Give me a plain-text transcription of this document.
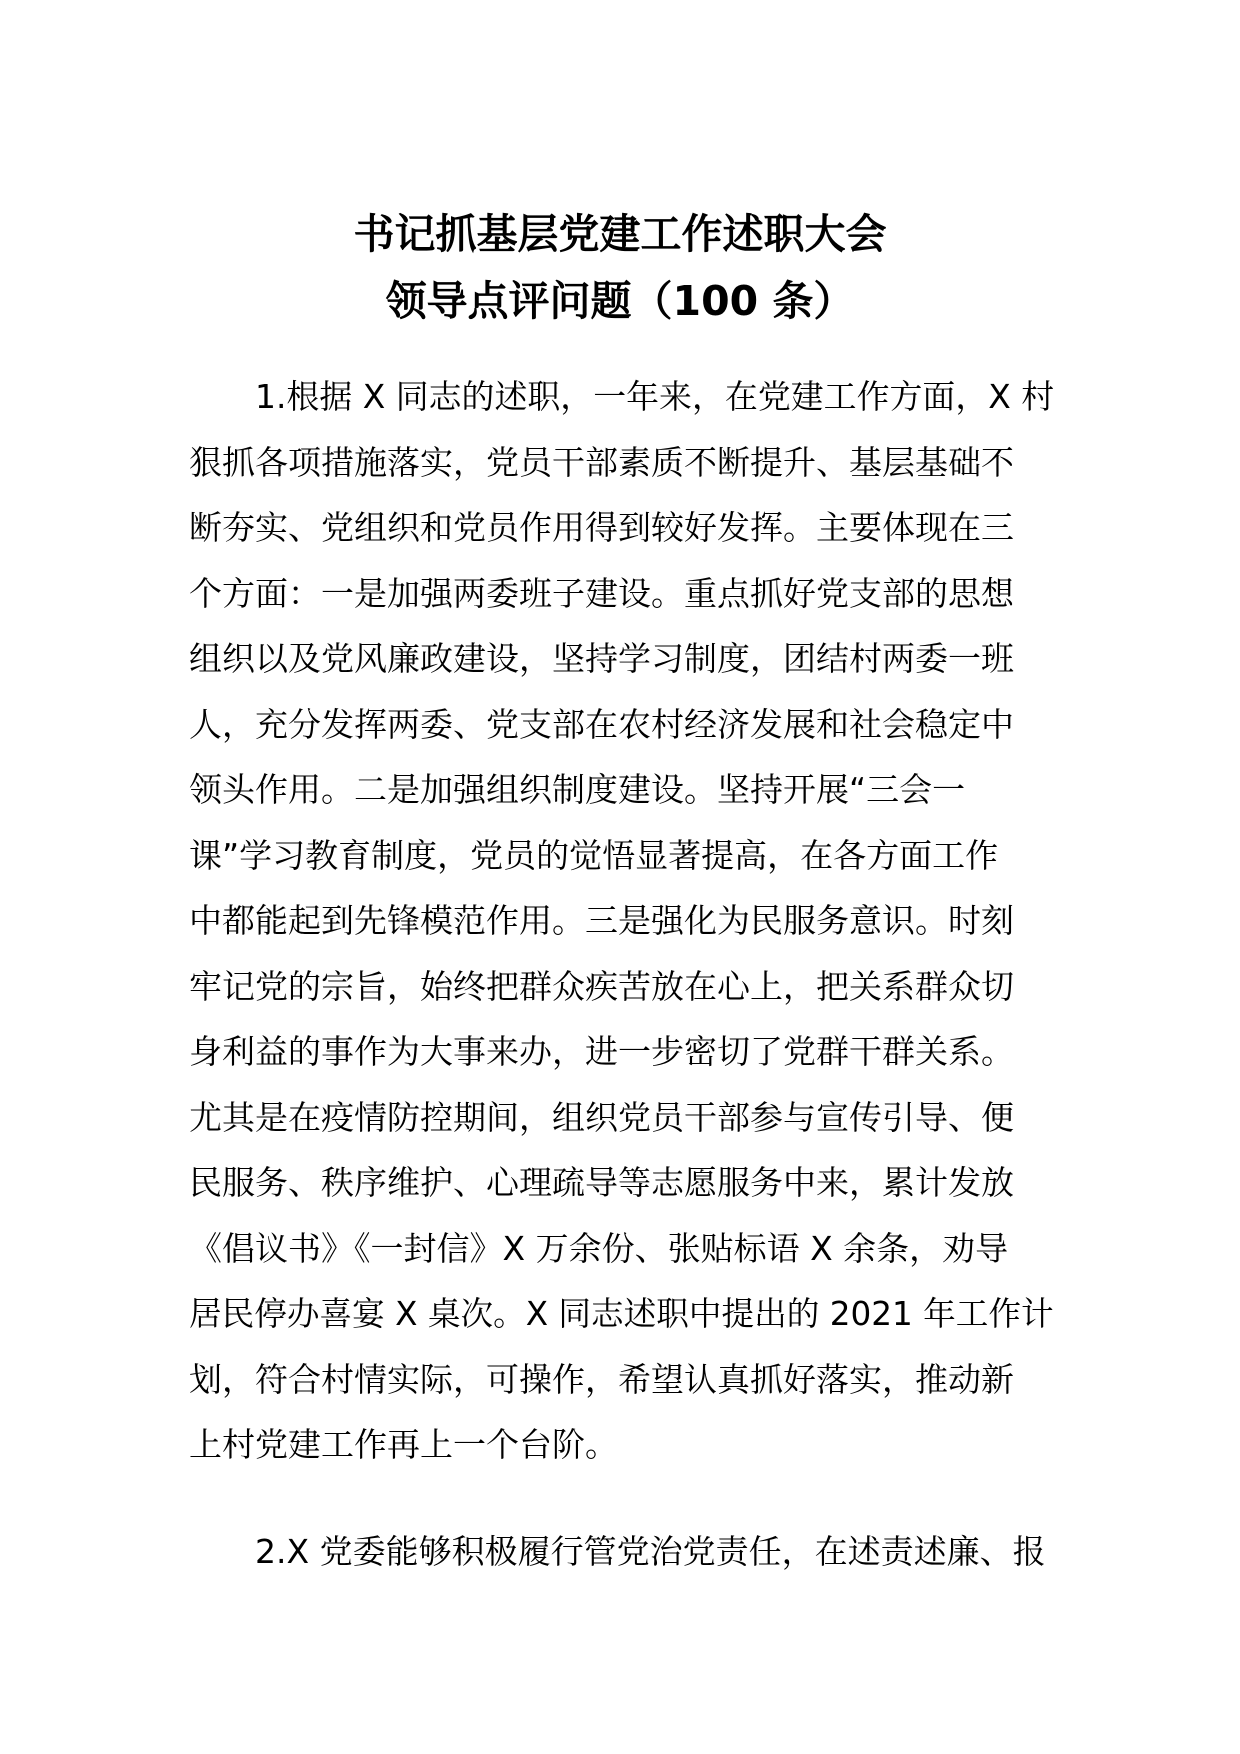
书记抓基层党建工作述职大会
领导点评问题（100 条）
1.根据 X 同志的述职，一年来，在党建工作方面，X 村
狠抓各项措施落实，党员干部素质不断提升、基层基础不
断夯实、党组织和党员作用得到较好发挥。主要体现在三
个方面：一是加强两委班子建设。重点抓好党支部的思想
组织以及党风廉政建设，坚持学习制度，团结村两委一班
人，充分发挥两委、党支部在农村经济发展和社会稳定中
领头作用。二是加强组织制度建设。坚持开展“三会一
课”学习教育制度，党员的觉悟显著提高，在各方面工作
中都能起到先锋模范作用。三是强化为民服务意识。时刻
牢记党的宗旨，始终把群众疾苦放在心上，把关系群众切
身利益的事作为大事来办，进一步密切了党群干群关系。
尤其是在疫情防控期间，组织党员干部参与宣传引导、便
民服务、秩序维护、心理疏导等志愿服务中来，累计发放
《倡议书》《一封信》X 万余份、张贴标语 X 余条，劝导
居民停办喜宴 X 桌次。X 同志述职中提出的 2021 年工作计
划，符合村情实际，可操作，希望认真抓好落实，推动新
上村党建工作再上一个台阶。
2.X 党委能够积极履行管党治党责任，在述责述廉、报
